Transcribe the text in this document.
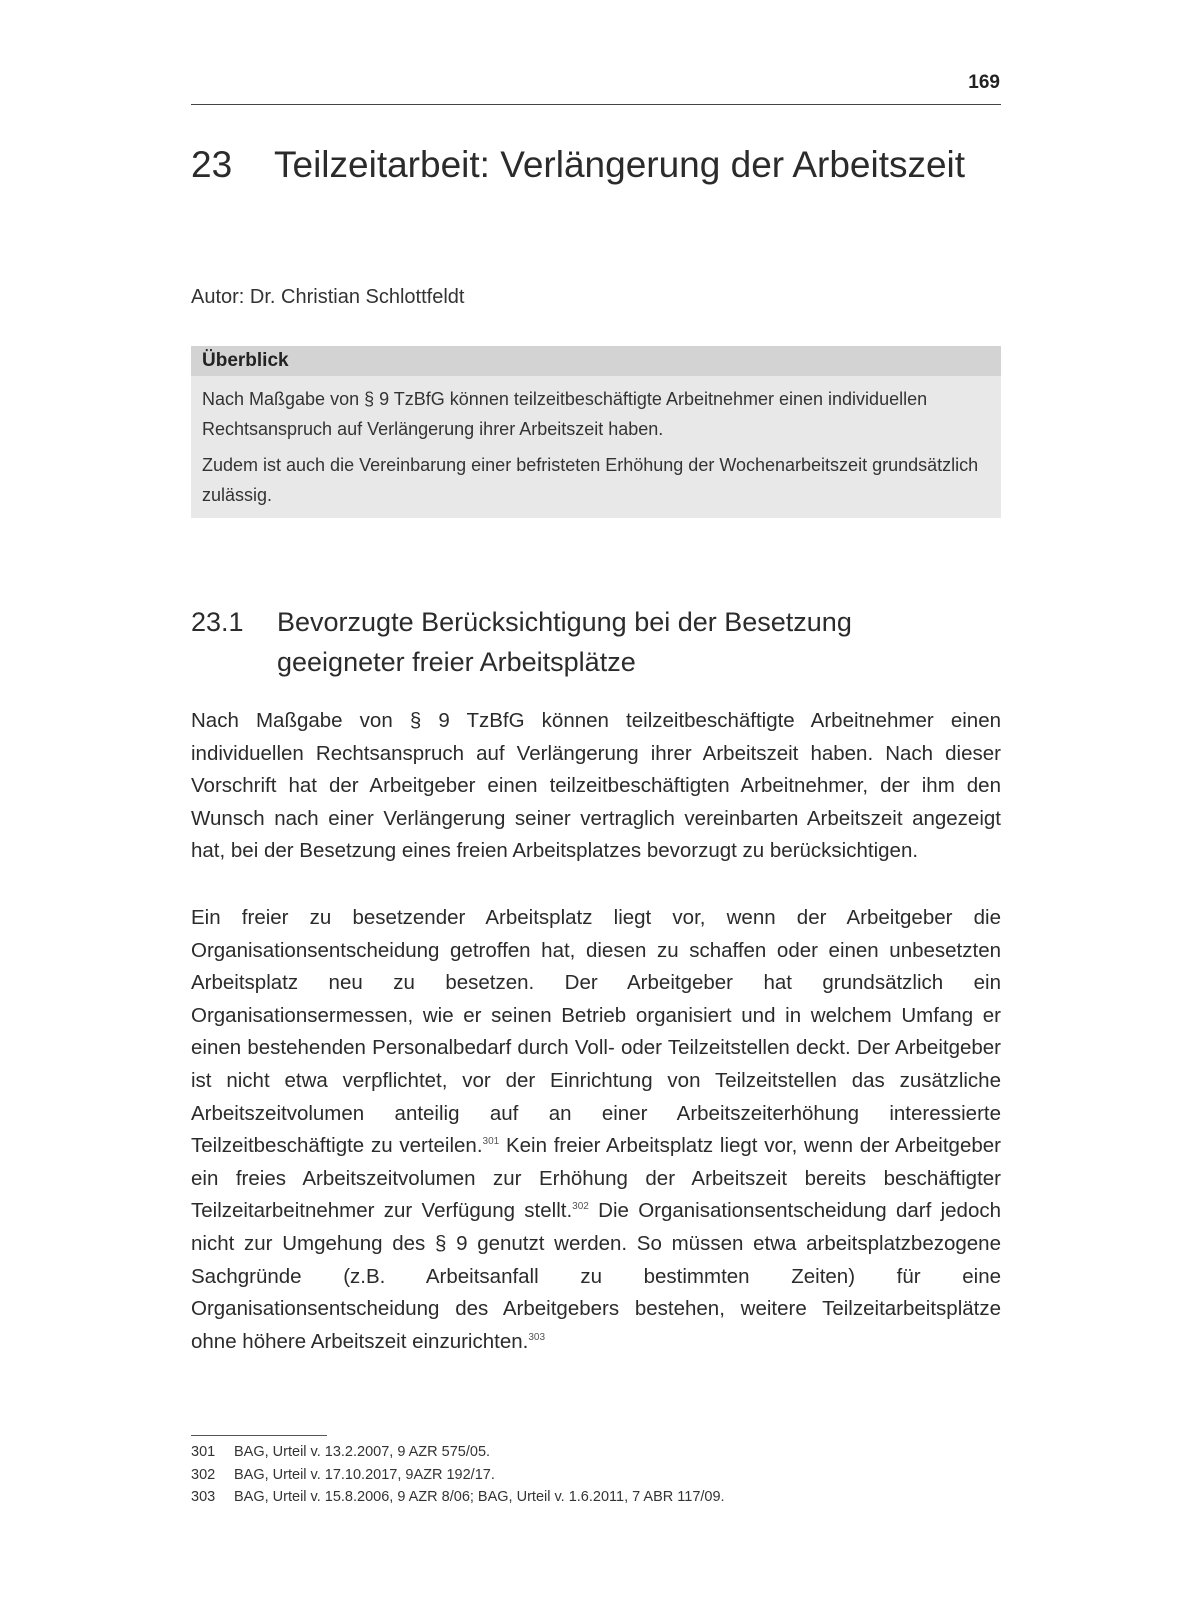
169
23 Teilzeitarbeit: Verlängerung der Arbeitszeit
Autor: Dr. Christian Schlottfeldt
Überblick

Nach Maßgabe von § 9 TzBfG können teilzeitbeschäftigte Arbeitnehmer einen individuellen Rechtsanspruch auf Verlängerung ihrer Arbeitszeit haben.

Zudem ist auch die Vereinbarung einer befristeten Erhöhung der Wochenarbeitszeit grundsätzlich zulässig.

23.1 Bevorzugte Berücksichtigung bei der Besetzung geeigneter freier Arbeitsplätze

Nach Maßgabe von § 9 TzBfG können teilzeitbeschäftigte Arbeitnehmer einen individuellen Rechtsanspruch auf Verlängerung ihrer Arbeitszeit haben. Nach dieser Vorschrift hat der Arbeitgeber einen teilzeitbeschäftigten Arbeitnehmer, der ihm den Wunsch nach einer Verlängerung seiner vertraglich vereinbarten Arbeitszeit angezeigt hat, bei der Besetzung eines freien Arbeitsplatzes bevorzugt zu berücksichtigen.

Ein freier zu besetzender Arbeitsplatz liegt vor, wenn der Arbeitgeber die Organisationsentscheidung getroffen hat, diesen zu schaffen oder einen unbesetzten Arbeitsplatz neu zu besetzen. Der Arbeitgeber hat grundsätzlich ein Organisationsermessen, wie er seinen Betrieb organisiert und in welchem Umfang er einen bestehenden Personalbedarf durch Voll- oder Teilzeitstellen deckt. Der Arbeitgeber ist nicht etwa verpflichtet, vor der Einrichtung von Teilzeitstellen das zusätzliche Arbeitszeitvolumen anteilig auf an einer Arbeitszeiterhöhung interessierte Teilzeitbeschäftigte zu verteilen.$^{301}$ Kein freier Arbeitsplatz liegt vor, wenn der Arbeitgeber ein freies Arbeitszeitvolumen zur Erhöhung der Arbeitszeit bereits beschäftigter Teilzeitarbeitnehmer zur Verfügung stellt.$^{302}$ Die Organisationsentscheidung darf jedoch nicht zur Umgehung des § 9 genutzt werden. So müssen etwa arbeitsplatzbezogene Sachgründe (z.B. Arbeitsanfall zu bestimmten Zeiten) für eine Organisationsentscheidung des Arbeitgebers bestehen, weitere Teilzeitarbeitsplätze ohne höhere Arbeitszeit einzurichten.$^{303}$

301 BAG, Urteil v. 13.2.2007, 9 AZR 575/05.
302 BAG, Urteil v. 17.10.2017, 9AZR 192/17.
303 BAG, Urteil v. 15.8.2006, 9 AZR 8/06; BAG, Urteil v. 1.6.2011, 7 ABR 117/09.
